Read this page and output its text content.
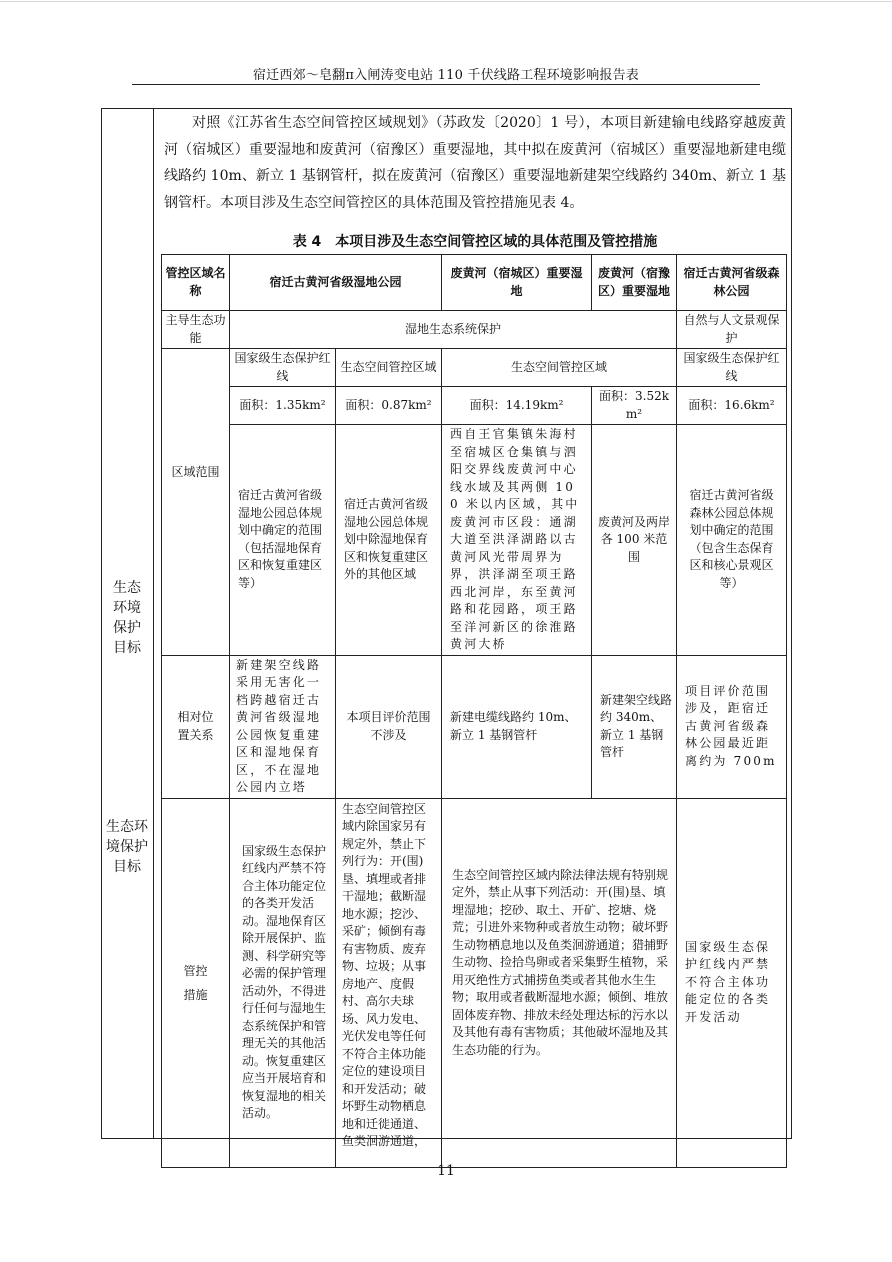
宿迁西郊～皂翻π入闸涛变电站 110 千伏线路工程环境影响报告表
生态
环境
保护
目标
生态环
境保护
目标

对照《江苏省生态空间管控区域规划》（苏政发〔2020〕1 号），本项目新建输电线路穿越废黄河（宿城区）重要湿地和废黄河（宿豫区）重要湿地，其中拟在废黄河（宿城区）重要湿地新建电缆线路约 10m、新立 1 基钢管杆，拟在废黄河（宿豫区）重要湿地新建架空线路约 340m、新立 1 基钢管杆。本项目涉及生态空间管控区的具体范围及管控措施见表 4。

表 4　本项目涉及生态空间管控区域的具体范围及管控措施
管控区域名称	宿迁古黄河省级湿地公园		废黄河（宿城区）重要湿地	废黄河（宿豫区）重要湿地	宿迁古黄河省级森林公园
主导生态功能	湿地生态系统保护				自然与人文景观保护
区域范围	国家级生态保护红线	生态空间管控区域	生态空间管控区域		国家级生态保护红线
	面积：1.35km²	面积：0.87km²	面积：14.19km²	面积：3.52km²	面积：16.6km²
	宿迁古黄河省级湿地公园总体规划中确定的范围（包括湿地保育区和恢复重建区等）	宿迁古黄河省级湿地公园总体规划中除湿地保育区和恢复重建区外的其他区域	西自王官集镇朱海村至宿城区仓集镇与泗阳交界线废黄河中心线水域及其两侧 100 米以内区域，其中废黄河市区段：通湖大道至洪泽湖路以古黄河风光带周界为界，洪泽湖至项王路西北河岸，东至黄河路和花园路，项王路至洋河新区的徐淮路黄河大桥	废黄河及两岸各 100 米范围	宿迁古黄河省级森林公园总体规划中确定的范围（包含生态保育区和核心景观区等）
相对位置关系	新建架空线路采用无害化一档跨越宿迁古黄河省级湿地公园恢复重建区和湿地保育区，不在湿地公园内立塔	本项目评价范围不涉及	新建电缆线路约 10m、新立 1 基钢管杆	新建架空线路约 340m、新立 1 基钢管杆	项目评价范围涉及，距宿迁古黄河省级森林公园最近距离约为 700m
管控
措施	国家级生态保护红线内严禁不符合主体功能定位的各类开发活动。湿地保育区除开展保护、监测、科学研究等必需的保护管理活动外，不得进行任何与湿地生态系统保护和管理无关的其他活动。恢复重建区应当开展培育和恢复湿地的相关活动。	生态空间管控区域内除国家另有规定外，禁止下列行为：开(围)垦、填埋或者排干湿地；截断湿地水源；挖沙、采矿；倾倒有毒有害物质、废弃物、垃圾；从事房地产、度假村、高尔夫球场、风力发电、光伏发电等任何不符合主体功能定位的建设项目和开发活动；破坏野生动物栖息地和迁徙通道、鱼类洄游通道，	生态空间管控区域内除法律法规有特别规定外，禁止从事下列活动：开(围)垦、填埋湿地；挖砂、取土、开矿、挖塘、烧荒；引进外来物种或者放生动物；破坏野生动物栖息地以及鱼类洄游通道；猎捕野生动物、捡拾鸟卵或者采集野生植物，采用灭绝性方式捕捞鱼类或者其他水生生物；取用或者截断湿地水源；倾倒、堆放固体废弃物、排放未经处理达标的污水以及其他有毒有害物质；其他破坏湿地及其生态功能的行为。		国家级生态保护红线内严禁不符合主体功能定位的各类开发活动
11
